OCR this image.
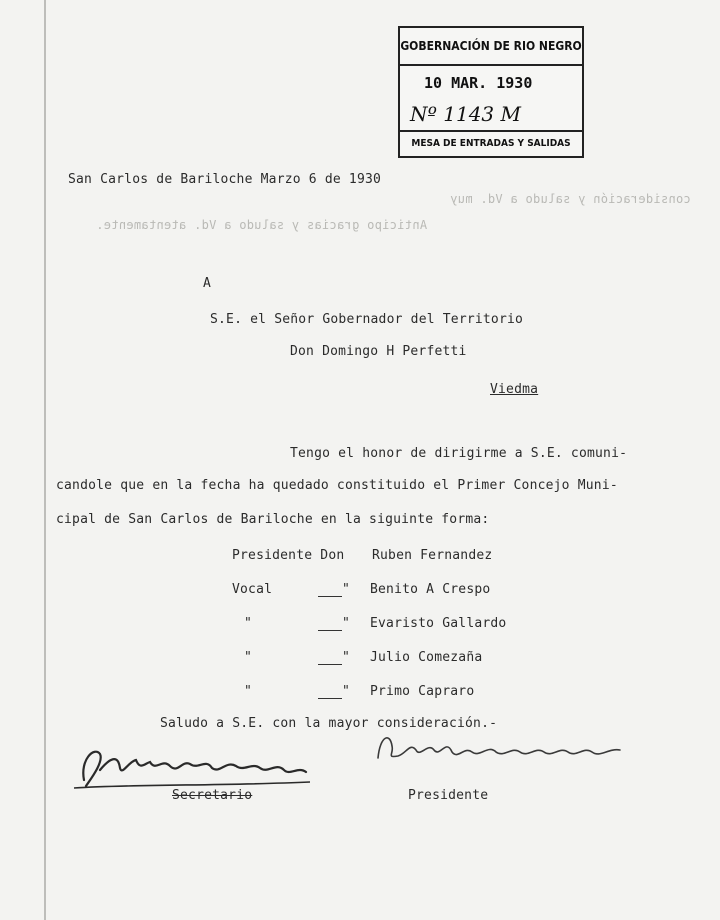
GOBERNACIÓN DE RIO NEGRO
10 MAR. 1930
Nº 1143 M
MESA DE ENTRADAS Y SALIDAS

consideración y saludo a Vd. muy

Anticipo gracias y saludo a Vd. atentamente.

San Carlos de Bariloche Marzo 6 de 1930
A
S.E. el Señor Gobernador del Territorio
Don Domingo H Perfetti
Viedma
Tengo el honor de dirigirme a S.E. comuni-
candole que en la fecha ha quedado constituido el Primer Concejo Muni-
cipal de San Carlos de Bariloche en la siguinte forma:
Presidente Don Ruben Fernandez
Vocal	" Benito A Crespo
"	" Evaristo Gallardo
"	" Julio Comezaña
"	" Primo Capraro
Saludo a S.E. con la mayor consideración.-
Secretario	Presidente
